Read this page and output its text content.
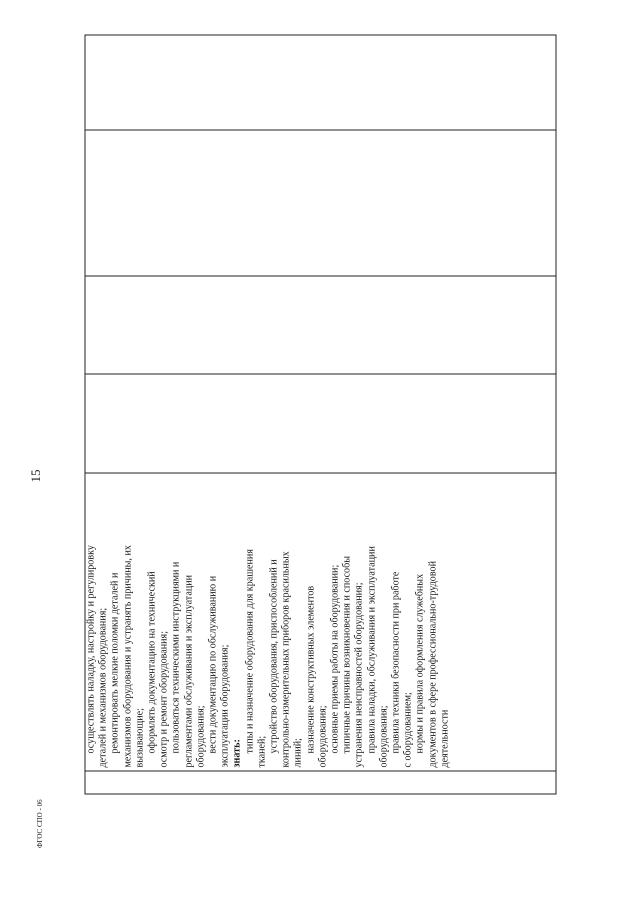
15

осуществлять наладку, настройку и регулировку деталей и механизмов оборудования; ремонтировать мелкие поломки деталей и механизмов оборудования и устранять причины, их вызывающие; оформлять документацию на технический осмотр и ремонт оборудования; пользоваться техническими инструкциями и регламентами обслуживания и эксплуатации оборудования; вести документацию по обслуживанию и эксплуатации оборудования; знать: типы и назначение оборудования для крашения тканей; устройство оборудования, приспособлений и контрольно-измерительных приборов красильных линий; назначение конструктивных элементов оборудования; основные приемы работы на оборудовании; типичные причины возникновения и способы устранения неисправностей оборудования; правила наладки, обслуживания и эксплуатации оборудования; правила техники безопасности при работе с оборудованием; нормы и правила оформления служебных документов в сфере профессионально-трудовой деятельности

ФГОС СПО - 06
